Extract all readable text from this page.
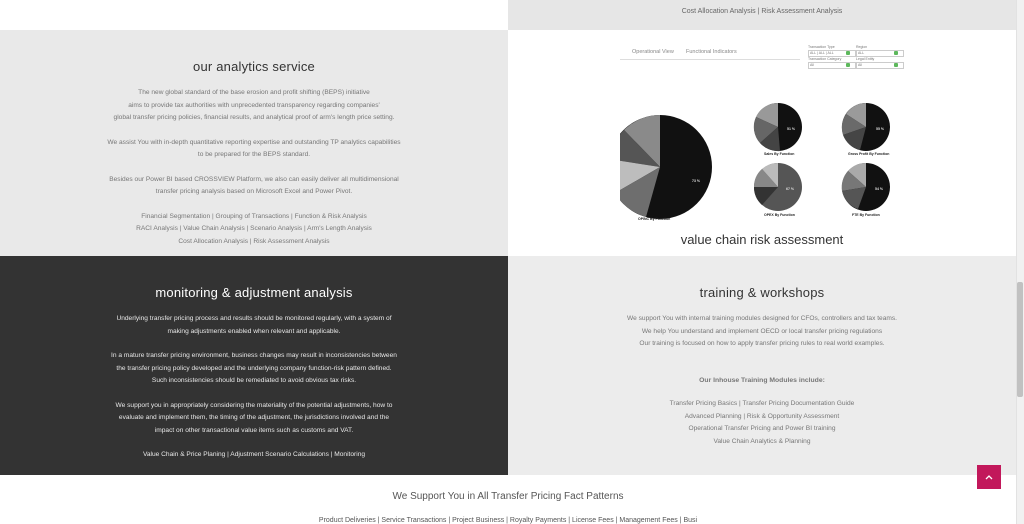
Cost Allocation Analysis | Risk Assessment Analysis
our analytics service
The new global standard of the base erosion and profit shifting (BEPS) initiative
aims to provide tax authorities with unprecedented transparency regarding companies'
global transfer pricing policies, financial results, and analytical proof of arm's length price setting.
We assist You with in-depth quantitative reporting expertise and outstanding TP analytics capabilities
to be prepared for the BEPS standard.
Besides our Power BI based CROSSVIEW Platform, we also can easily deliver all multidimensional
transfer pricing analysis based on Microsoft Excel and Power Pivot.
Financial Segmentation | Grouping of Transactions | Function & Risk Analysis
RACI Analysis | Value Chain Analysis | Scenario Analysis | Arm's Length Analysis
Cost Allocation Analysis | Risk Assessment Analysis
Operational View Functional Indicators
Transaction Type
ALL | ALL | ALL
Region
ALL
Transaction Category
All
Legal Entity
All
73 %
51 %	55 %
67 %	54 %
OPINC By Function
Sales By Function	Gross Profit By Function
OPEX By Function	FTE By Function
value chain risk assessment
monitoring & adjustment analysis
Underlying transfer pricing process and results should be monitored regularly, with a system of
making adjustments enabled when relevant and applicable.
In a mature transfer pricing environment, business changes may result in inconsistencies between
the transfer pricing policy developed and the underlying company function-risk pattern defined.
Such inconsistencies should be remediated to avoid obvious tax risks.
We support you in appropriately considering the materiality of the potential adjustments, how to
evaluate and implement them, the timing of the adjustment, the jurisdictions involved and the
impact on other transactional value items such as customs and VAT.
Value Chain & Price Planing | Adjustment Scenario Calculations | Monitoring
training & workshops
We support You with internal training modules designed for CFOs, controllers and tax teams.
We help You understand and implement OECD or local transfer pricing regulations
Our training is focused on how to apply transfer pricing rules to real world examples.
Our Inhouse Training Modules include:
Transfer Pricing Basics | Transfer Pricing Documentation Guide
Advanced Planning | Risk & Opportunity Assessment
Operational Transfer Pricing and Power BI training
Value Chain Analytics & Planning
We Support You in All Transfer Pricing Fact Patterns
Product Deliveries | Service Transactions | Project Business | Royalty Payments | License Fees | Management Fees | Busi
